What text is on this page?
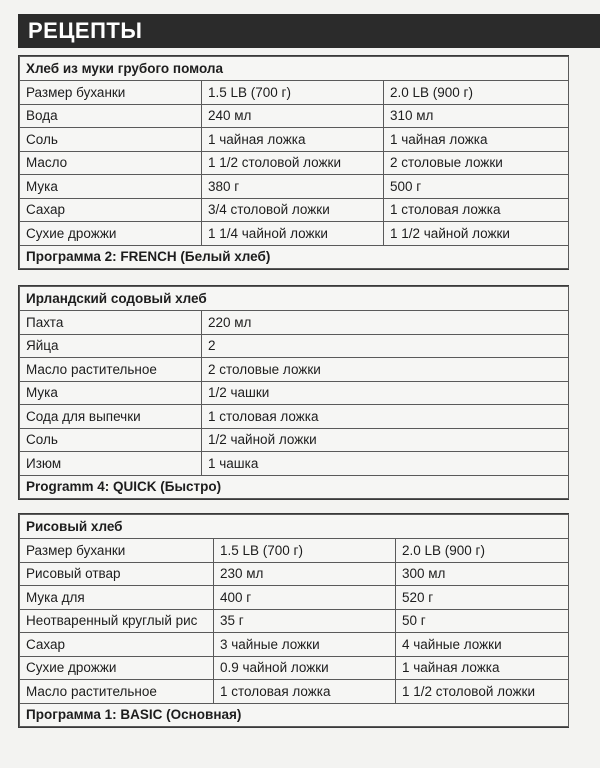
РЕЦЕПТЫ
Хлеб из муки грубого помола		
Размер буханки	1.5 LB (700 г)	2.0 LB (900 г)
Вода	240 мл	310 мл
Соль	1 чайная ложка	1 чайная ложка
Масло	1 1/2 столовой ложки	2 столовые ложки
Мука	380 г	500 г
Сахар	3/4 столовой ложки	1 столовая ложка
Сухие дрожжи	1 1/4 чайной ложки	1 1/2 чайной ложки
Программа 2: FRENCH (Белый хлеб)		
Ирландский содовый хлеб	
Пахта	220 мл
Яйца	2
Масло растительное	2 столовые ложки
Мука	1/2 чашки
Сода для выпечки	1 столовая ложка
Соль	1/2 чайной ложки
Изюм	1 чашка
Programm 4: QUICK (Быстро)	
Рисовый хлеб		
Размер буханки	1.5 LB (700 г)	2.0 LB (900 г)
Рисовый отвар	230 мл	300 мл
Мука для	400 г	520 г
Неотваренный круглый рис	35 г	50 г
Сахар	3 чайные ложки	4 чайные ложки
Сухие дрожжи	0.9 чайной ложки	1 чайная ложка
Масло растительное	1 столовая ложка	1 1/2 столовой ложки
Программа 1: BASIC (Основная)		
